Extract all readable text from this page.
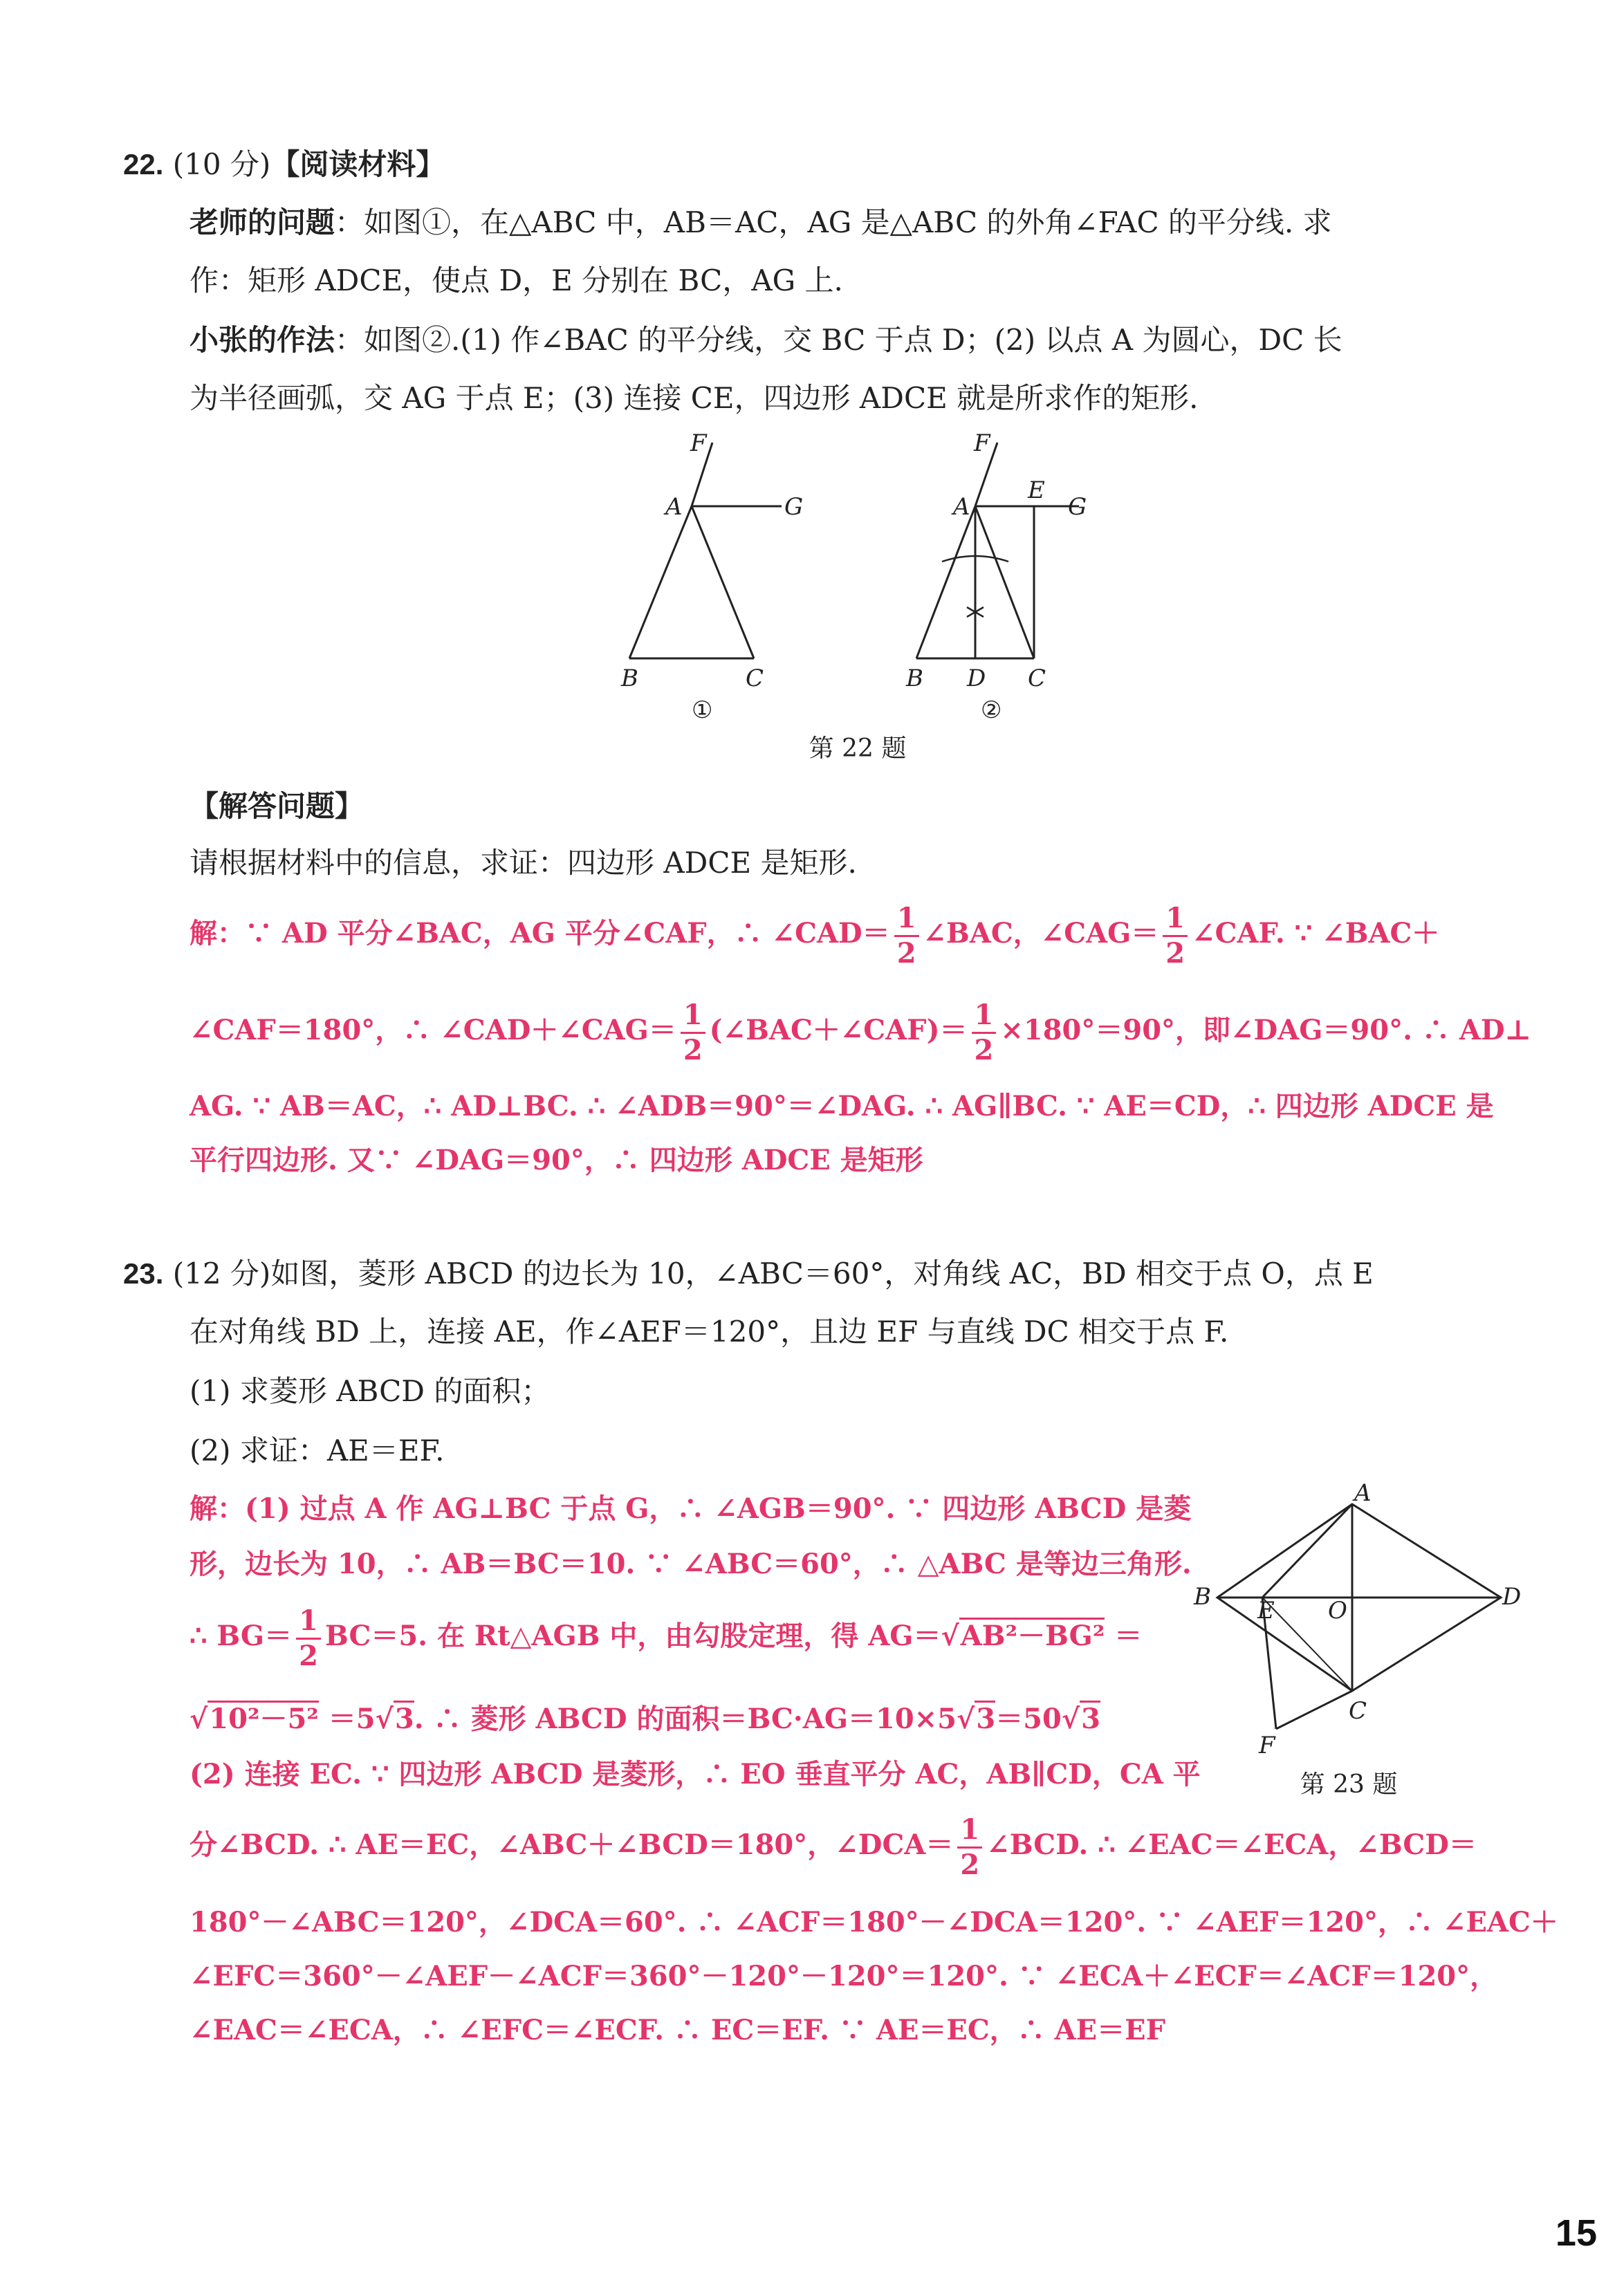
22. (10 分)【阅读材料】
老师的问题：如图①，在△ABC 中，AB＝AC，AG 是△ABC 的外角∠FAC 的平分线. 求
作：矩形 ADCE，使点 D，E 分别在 BC，AG 上.
小张的作法：如图②.(1) 作∠BAC 的平分线，交 BC 于点 D；(2) 以点 A 为圆心，DC 长
为半径画弧，交 AG 于点 E；(3) 连接 CE，四边形 ADCE 就是所求作的矩形.
F
A	G
B	C
①
F
A
E
G
B D C
②
第 22 题
【解答问题】
请根据材料中的信息，求证：四边形 ADCE 是矩形.
解：∵ AD 平分∠BAC，AG 平分∠CAF，∴ ∠CAD＝ $\frac{1}{2}$ ∠BAC，∠CAG＝ $\frac{1}{2}$ ∠CAF. ∵ ∠BAC＋
∠CAF＝180°，∴ ∠CAD＋∠CAG＝ $\frac{1}{2}$ (∠BAC＋∠CAF)＝ $\frac{1}{2} \times 180^\circ=90^\circ$，即∠DAG＝90°. ∴ AD⊥
AG. ∵ AB＝AC，∴ AD⊥BC. ∴ ∠ADB＝90°＝∠DAG. ∴ AG∥BC. ∵ AE＝CD，∴ 四边形 ADCE 是
平行四边形. 又∵ ∠DAG＝90°，∴ 四边形 ADCE 是矩形
23. (12 分)如图，菱形 ABCD 的边长为 10，∠ABC＝60°，对角线 AC，BD 相交于点 O，点 E
在对角线 BD 上，连接 AE，作∠AEF＝120°，且边 EF 与直线 DC 相交于点 F.
(1) 求菱形 ABCD 的面积；
(2) 求证：AE＝EF.
解：(1) 过点 A 作 AG⊥BC 于点 G，∴ ∠AGB＝90°. ∵ 四边形 ABCD 是菱
形，边长为 10，∴ AB＝BC＝10. ∵ ∠ABC＝60°，∴ △ABC 是等边三角形.
∴ $BG= \frac{1}{2} BC=5$. 在 Rt△AGB 中，由勾股定理，得 AG＝√AB²－BG² ＝
√10²－5² ＝5√3. ∴ 菱形 ABCD 的面积＝BC·AG＝10×5√3＝50√3
(2) 连接 EC. ∵ 四边形 ABCD 是菱形，∴ EO 垂直平分 AC，AB∥CD，CA 平
A
B	D
E O
C
F
第 23 题
分∠BCD. ∴ AE＝EC，∠ABC＋∠BCD＝180°，∠DCA＝ $\frac{1}{2}$ ∠BCD. ∴ ∠EAC＝∠ECA，∠BCD＝
180°－∠ABC＝120°，∠DCA＝60°. ∴ ∠ACF＝180°－∠DCA＝120°. ∵ ∠AEF＝120°，∴ ∠EAC＋
∠EFC＝360°－∠AEF－∠ACF＝360°－120°－120°＝120°. ∵ ∠ECA＋∠ECF＝∠ACF＝120°，
∠EAC＝∠ECA，∴ ∠EFC＝∠ECF. ∴ EC＝EF. ∵ AE＝EC，∴ AE＝EF
15
